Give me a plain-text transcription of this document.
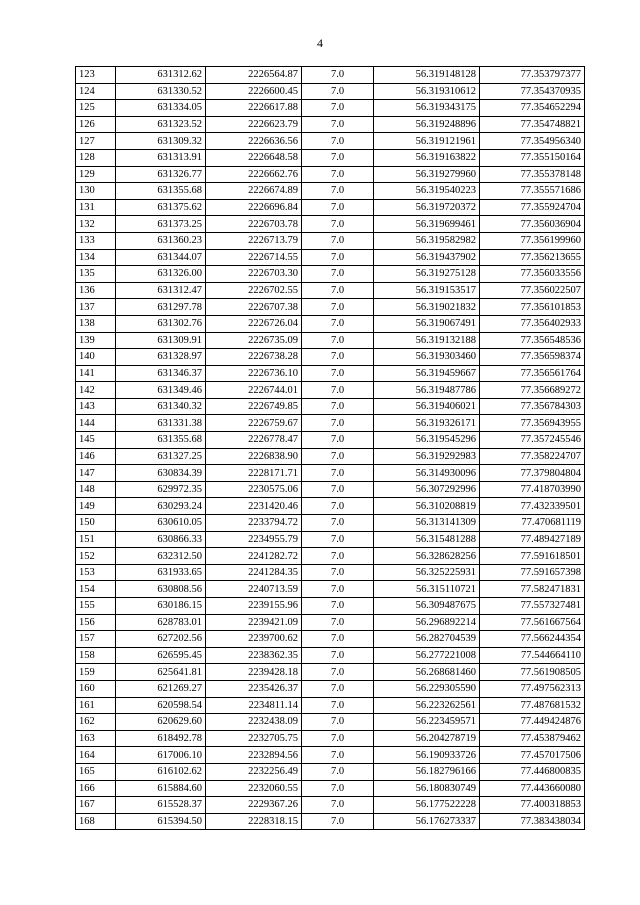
4
123	631312.62	2226564.87	7.0	56.319148128	77.353797377
124	631330.52	2226600.45	7.0	56.319310612	77.354370935
125	631334.05	2226617.88	7.0	56.319343175	77.354652294
126	631323.52	2226623.79	7.0	56.319248896	77.354748821
127	631309.32	2226636.56	7.0	56.319121961	77.354956340
128	631313.91	2226648.58	7.0	56.319163822	77.355150164
129	631326.77	2226662.76	7.0	56.319279960	77.355378148
130	631355.68	2226674.89	7.0	56.319540223	77.355571686
131	631375.62	2226696.84	7.0	56.319720372	77.355924704
132	631373.25	2226703.78	7.0	56.319699461	77.356036904
133	631360.23	2226713.79	7.0	56.319582982	77.356199960
134	631344.07	2226714.55	7.0	56.319437902	77.356213655
135	631326.00	2226703.30	7.0	56.319275128	77.356033556
136	631312.47	2226702.55	7.0	56.319153517	77.356022507
137	631297.78	2226707.38	7.0	56.319021832	77.356101853
138	631302.76	2226726.04	7.0	56.319067491	77.356402933
139	631309.91	2226735.09	7.0	56.319132188	77.356548536
140	631328.97	2226738.28	7.0	56.319303460	77.356598374
141	631346.37	2226736.10	7.0	56.319459667	77.356561764
142	631349.46	2226744.01	7.0	56.319487786	77.356689272
143	631340.32	2226749.85	7.0	56.319406021	77.356784303
144	631331.38	2226759.67	7.0	56.319326171	77.356943955
145	631355.68	2226778.47	7.0	56.319545296	77.357245546
146	631327.25	2226838.90	7.0	56.319292983	77.358224707
147	630834.39	2228171.71	7.0	56.314930096	77.379804804
148	629972.35	2230575.06	7.0	56.307292996	77.418703990
149	630293.24	2231420.46	7.0	56.310208819	77.432339501
150	630610.05	2233794.72	7.0	56.313141309	77.470681119
151	630866.33	2234955.79	7.0	56.315481288	77.489427189
152	632312.50	2241282.72	7.0	56.328628256	77.591618501
153	631933.65	2241284.35	7.0	56.325225931	77.591657398
154	630808.56	2240713.59	7.0	56.315110721	77.582471831
155	630186.15	2239155.96	7.0	56.309487675	77.557327481
156	628783.01	2239421.09	7.0	56.296892214	77.561667564
157	627202.56	2239700.62	7.0	56.282704539	77.566244354
158	626595.45	2238362.35	7.0	56.277221008	77.544664110
159	625641.81	2239428.18	7.0	56.268681460	77.561908505
160	621269.27	2235426.37	7.0	56.229305590	77.497562313
161	620598.54	2234811.14	7.0	56.223262561	77.487681532
162	620629.60	2232438.09	7.0	56.223459571	77.449424876
163	618492.78	2232705.75	7.0	56.204278719	77.453879462
164	617006.10	2232894.56	7.0	56.190933726	77.457017506
165	616102.62	2232256.49	7.0	56.182796166	77.446800835
166	615884.60	2232060.55	7.0	56.180830749	77.443660080
167	615528.37	2229367.26	7.0	56.177522228	77.400318853
168	615394.50	2228318.15	7.0	56.176273337	77.383438034
